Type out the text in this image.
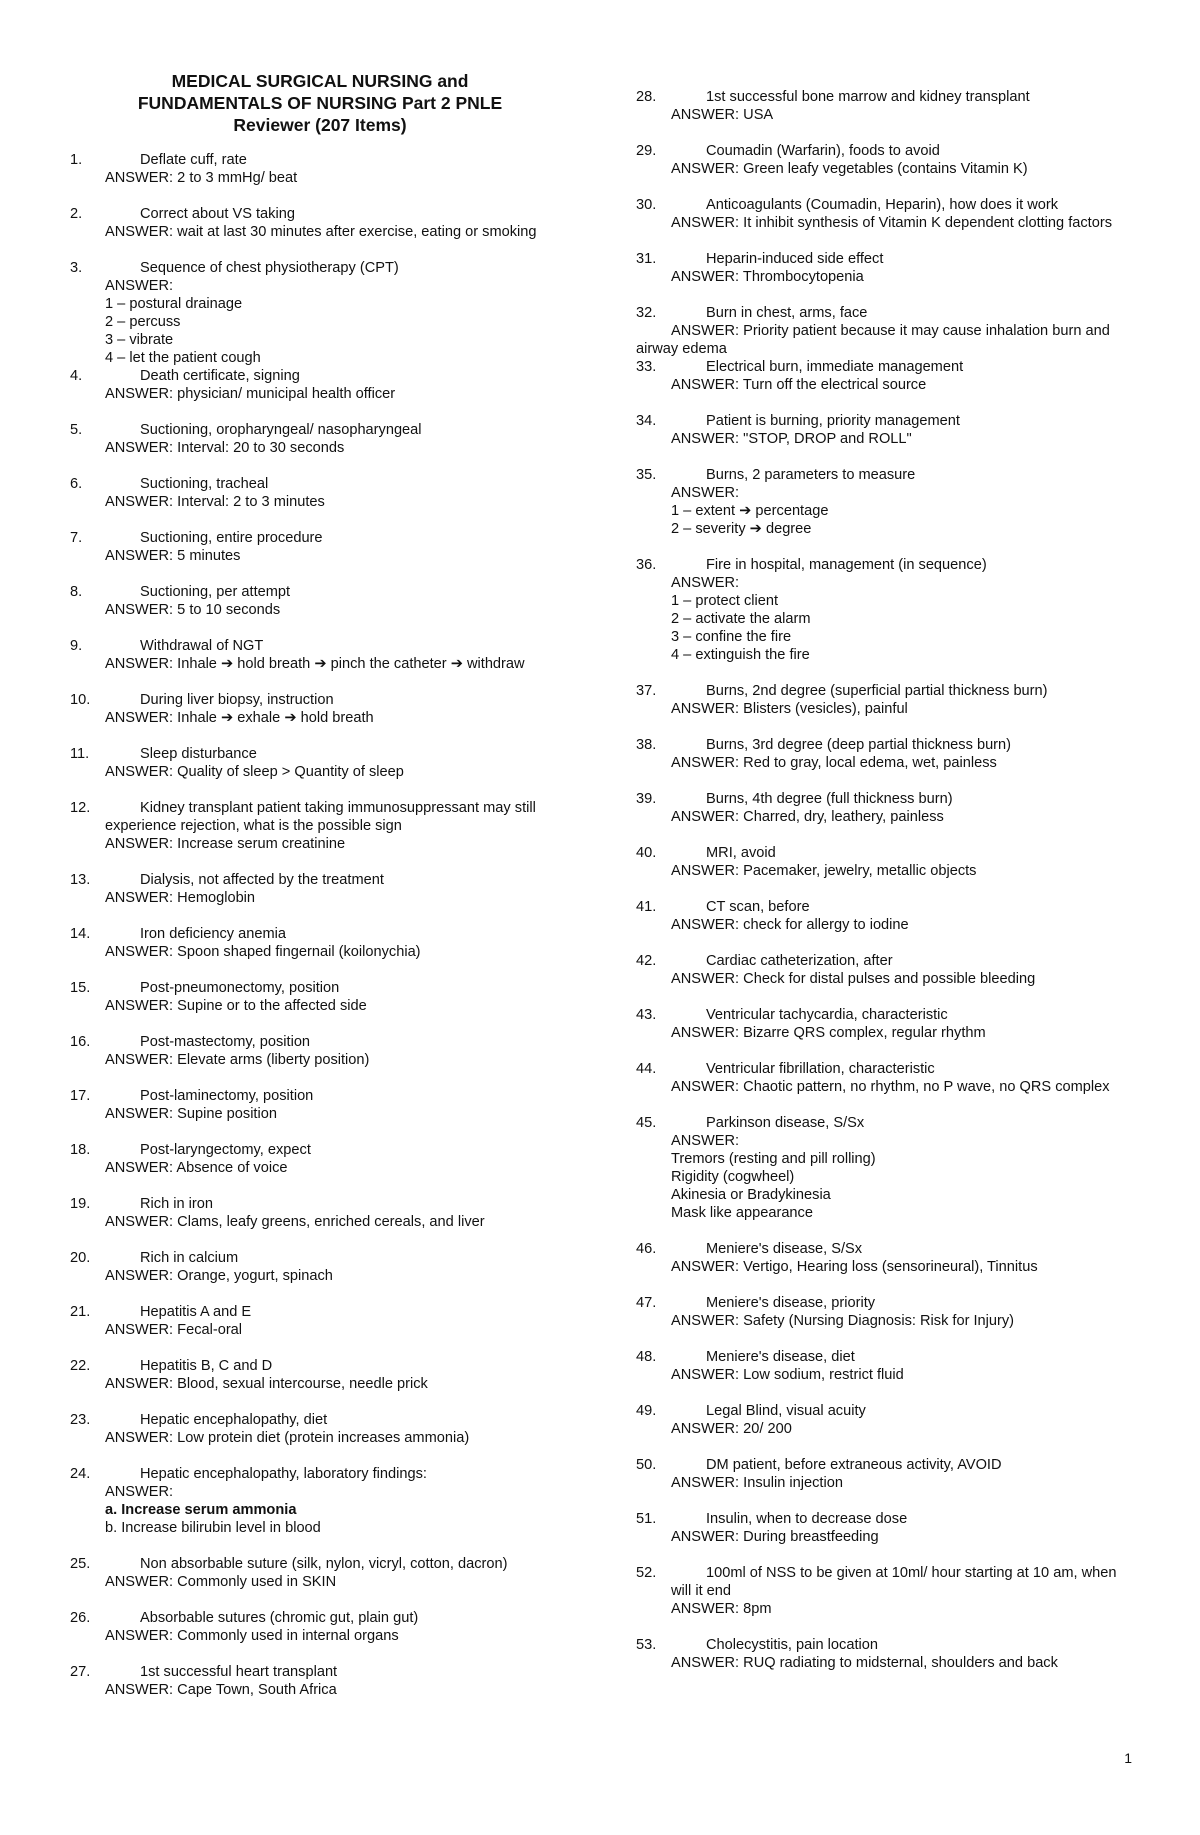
MEDICAL SURGICAL NURSING and
FUNDAMENTALS OF NURSING Part 2 PNLE
Reviewer (207 Items)
1.	Deflate cuff, rate
ANSWER: 2 to 3 mmHg/ beat
2.	Correct about VS taking
ANSWER: wait at last 30 minutes after exercise, eating or smoking
3.	Sequence of chest physiotherapy (CPT)
ANSWER:
1 – postural drainage
2 – percuss
3 – vibrate
4 – let the patient cough
4.	Death certificate, signing
ANSWER: physician/ municipal health officer
5.	Suctioning, oropharyngeal/ nasopharyngeal
ANSWER: Interval: 20 to 30 seconds
6.	Suctioning, tracheal
ANSWER: Interval: 2 to 3 minutes
7.	Suctioning, entire procedure
ANSWER: 5 minutes
8.	Suctioning, per attempt
ANSWER: 5 to 10 seconds
9.	Withdrawal of NGT
ANSWER: Inhale ➔ hold breath ➔ pinch the catheter ➔ withdraw
10.	During liver biopsy, instruction
ANSWER: Inhale ➔ exhale ➔ hold breath
11.	Sleep disturbance
ANSWER: Quality of sleep > Quantity of sleep
12.	Kidney transplant patient taking immunosuppressant may still experience rejection, what is the possible sign
ANSWER: Increase serum creatinine
13.	Dialysis, not affected by the treatment
ANSWER: Hemoglobin
14.	Iron deficiency anemia
ANSWER: Spoon shaped fingernail (koilonychia)
15.	Post-pneumonectomy, position
ANSWER: Supine or to the affected side
16.	Post-mastectomy, position
ANSWER: Elevate arms (liberty position)
17.	Post-laminectomy, position
ANSWER: Supine position
18.	Post-laryngectomy, expect
ANSWER: Absence of voice
19.	Rich in iron
ANSWER: Clams, leafy greens, enriched cereals, and liver
20.	Rich in calcium
ANSWER: Orange, yogurt, spinach
21.	Hepatitis A and E
ANSWER: Fecal-oral
22.	Hepatitis B, C and D
ANSWER: Blood, sexual intercourse, needle prick
23.	Hepatic encephalopathy, diet
ANSWER: Low protein diet (protein increases ammonia)
24.	Hepatic encephalopathy, laboratory findings:
ANSWER:
a. Increase serum ammonia
b. Increase bilirubin level in blood
25.	Non absorbable suture (silk, nylon, vicryl, cotton, dacron)
ANSWER: Commonly used in SKIN
26.	Absorbable sutures (chromic gut, plain gut)
ANSWER: Commonly used in internal organs
27.	1st successful heart transplant
ANSWER: Cape Town, South Africa
28.	1st successful bone marrow and kidney transplant
ANSWER: USA
29.	Coumadin (Warfarin), foods to avoid
ANSWER: Green leafy vegetables (contains Vitamin K)
30.	Anticoagulants (Coumadin, Heparin), how does it work
ANSWER: It inhibit synthesis of Vitamin K dependent clotting factors
31.	Heparin-induced side effect
ANSWER: Thrombocytopenia
32.	Burn in chest, arms, face
ANSWER: Priority patient because it may cause inhalation burn and airway edema
33.	Electrical burn, immediate management
ANSWER: Turn off the electrical source
34.	Patient is burning, priority management
ANSWER: "STOP, DROP and ROLL"
35.	Burns, 2 parameters to measure
ANSWER:
1 – extent ➔ percentage
2 – severity ➔ degree
36.	Fire in hospital, management (in sequence)
ANSWER:
1 – protect client
2 – activate the alarm
3 – confine the fire
4 – extinguish the fire
37.	Burns, 2nd degree (superficial partial thickness burn)
ANSWER: Blisters (vesicles), painful
38.	Burns, 3rd degree (deep partial thickness burn)
ANSWER: Red to gray, local edema, wet, painless
39.	Burns, 4th degree (full thickness burn)
ANSWER: Charred, dry, leathery, painless
40.	MRI, avoid
ANSWER: Pacemaker, jewelry, metallic objects
41.	CT scan, before
ANSWER: check for allergy to iodine
42.	Cardiac catheterization, after
ANSWER: Check for distal pulses and possible bleeding
43.	Ventricular tachycardia, characteristic
ANSWER: Bizarre QRS complex, regular rhythm
44.	Ventricular fibrillation, characteristic
ANSWER: Chaotic pattern, no rhythm, no P wave, no QRS complex
45.	Parkinson disease, S/Sx
ANSWER:
Tremors (resting and pill rolling)
Rigidity (cogwheel)
Akinesia or Bradykinesia
Mask like appearance
46.	Meniere's disease, S/Sx
ANSWER: Vertigo, Hearing loss (sensorineural), Tinnitus
47.	Meniere's disease, priority
ANSWER: Safety (Nursing Diagnosis: Risk for Injury)
48.	Meniere's disease, diet
ANSWER: Low sodium, restrict fluid
49.	Legal Blind, visual acuity
ANSWER: 20/ 200
50.	DM patient, before extraneous activity, AVOID
ANSWER: Insulin injection
51.	Insulin, when to decrease dose
ANSWER: During breastfeeding
52.	100ml of NSS to be given at 10ml/ hour starting at 10 am, when will it end
ANSWER: 8pm
53.	Cholecystitis, pain location
ANSWER: RUQ radiating to midsternal, shoulders and back
1
